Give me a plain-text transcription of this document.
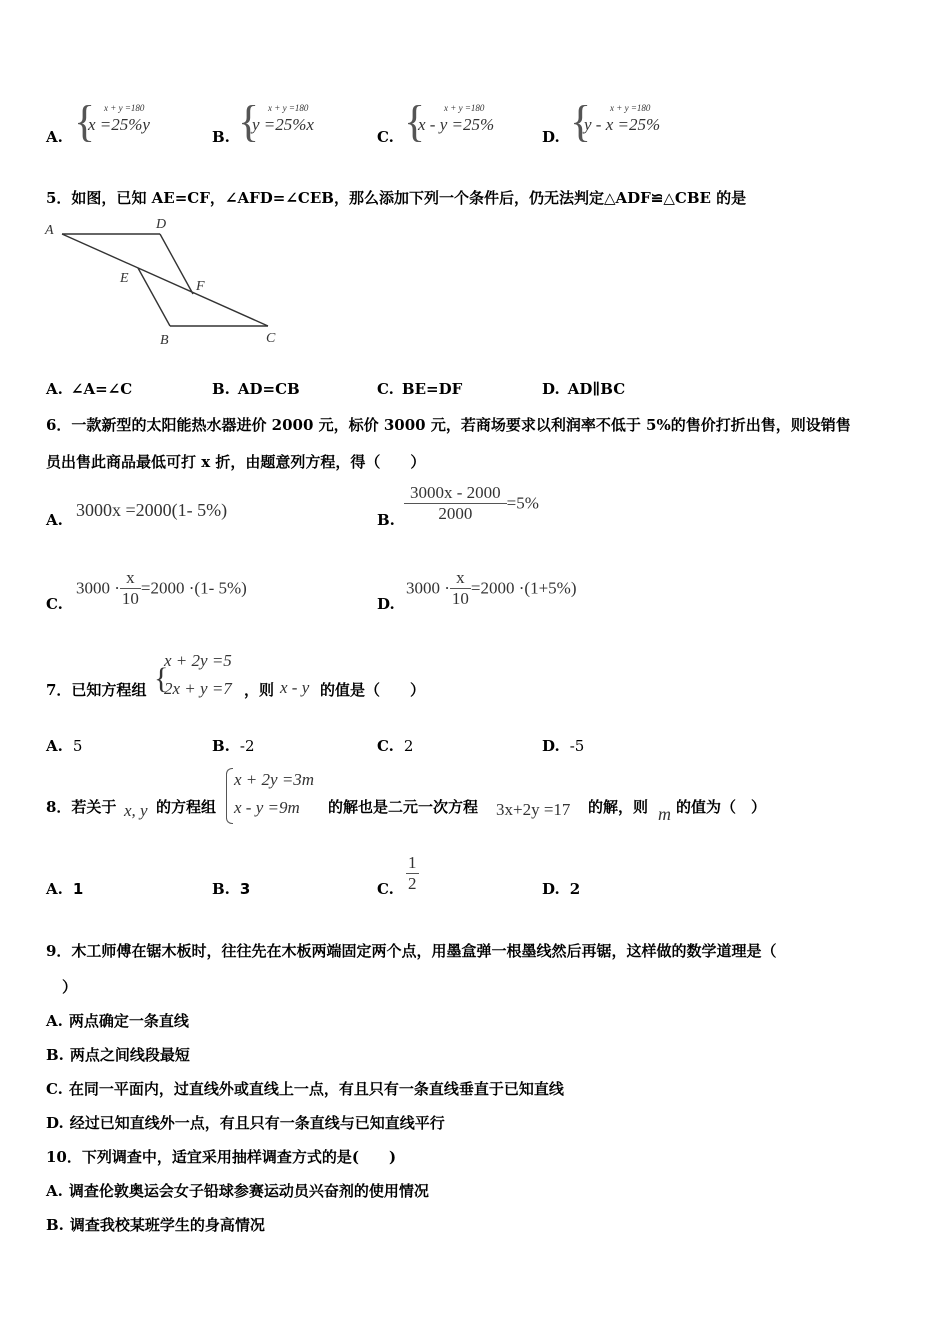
A. { x + y =180
x =25%y
B. { x + y =180
y =25%x
C. { x + y =180
x - y =25%
D. { x + y =180
y - x =25%
5．如图，已知 AE=CF，∠AFD=∠CEB，那么添加下列一个条件后，仍无法判定△ADF≌△CBE 的是
A	D
E
F
B	C
A. ∠A=∠C	B. AD=CB	C. BE=DF	D. AD∥BC
6．一款新型的太阳能热水器进价 2000 元，标价 3000 元，若商场要求以利润率不低于 5%的售价打折出售，则设销售
员出售此商品最低可打 x 折，由题意列方程，得（　　）
A. 3000x =2000(1- 5%)	B. $\frac{3000x - 2000}{2000} =5\%$
C.
$3000 \cdot \frac{x}{10} =2000 \cdot(1-$ 5%)
D.
$3000 \cdot \frac{x}{10} =2000 \cdot(1+5\%)$
7．已知方程组 {
x + 2y =5
2x + y =7 ，则 x - y 的值是（　　）
A. 5	B. -2	C. 2	D. -5
8．若关于 x, y 的方程组
x + 2y =3m
x - y =9m 的解也是二元一次方程 3x+2y =17 的解，则 m 的值为（　）
A. 1	B. 3	C. $\frac{1}{2}$	D. 2
9．木工师傅在锯木板时，往往先在木板两端固定两个点，用墨盒弹一根墨线然后再锯，这样做的数学道理是（
）
A. 两点确定一条直线
B. 两点之间线段最短
C. 在同一平面内，过直线外或直线上一点，有且只有一条直线垂直于已知直线
D. 经过已知直线外一点，有且只有一条直线与已知直线平行
10．下列调查中，适宜采用抽样调查方式的是(　　)
A. 调查伦敦奥运会女子铅球参赛运动员兴奋剂的使用情况
B. 调查我校某班学生的身高情况
